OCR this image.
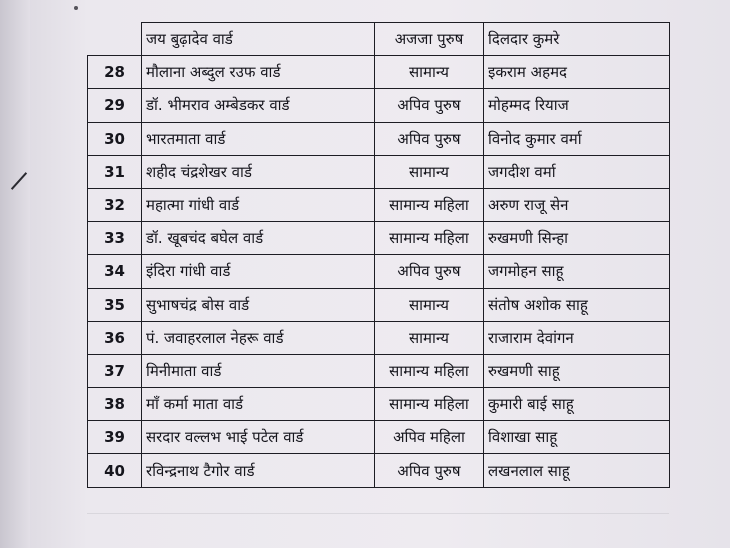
	जय बुढ़ादेव वार्ड	अजजा पुरुष	दिलदार कुमरे
28	मौलाना अब्दुल रउफ वार्ड	सामान्य	इकराम अहमद
29	डॉ. भीमराव अम्बेडकर वार्ड	अपिव पुरुष	मोहम्मद रियाज
30	भारतमाता वार्ड	अपिव पुरुष	विनोद कुमार वर्मा
31	शहीद चंद्रशेखर वार्ड	सामान्य	जगदीश वर्मा
32	महात्मा गांधी वार्ड	सामान्य महिला	अरुण राजू सेन
33	डॉ. खूबचंद बघेल वार्ड	सामान्य महिला	रुखमणी सिन्हा
34	इंदिरा गांधी वार्ड	अपिव पुरुष	जगमोहन साहू
35	सुभाषचंद्र बोस वार्ड	सामान्य	संतोष अशोक साहू
36	पं. जवाहरलाल नेहरू वार्ड	सामान्य	राजाराम देवांगन
37	मिनीमाता वार्ड	सामान्य महिला	रुखमणी साहू
38	माँ कर्मा माता वार्ड	सामान्य महिला	कुमारी बाई साहू
39	सरदार वल्लभ भाई पटेल वार्ड	अपिव महिला	विशाखा साहू
40	रविन्द्रनाथ टैगोर वार्ड	अपिव पुरुष	लखनलाल साहू
